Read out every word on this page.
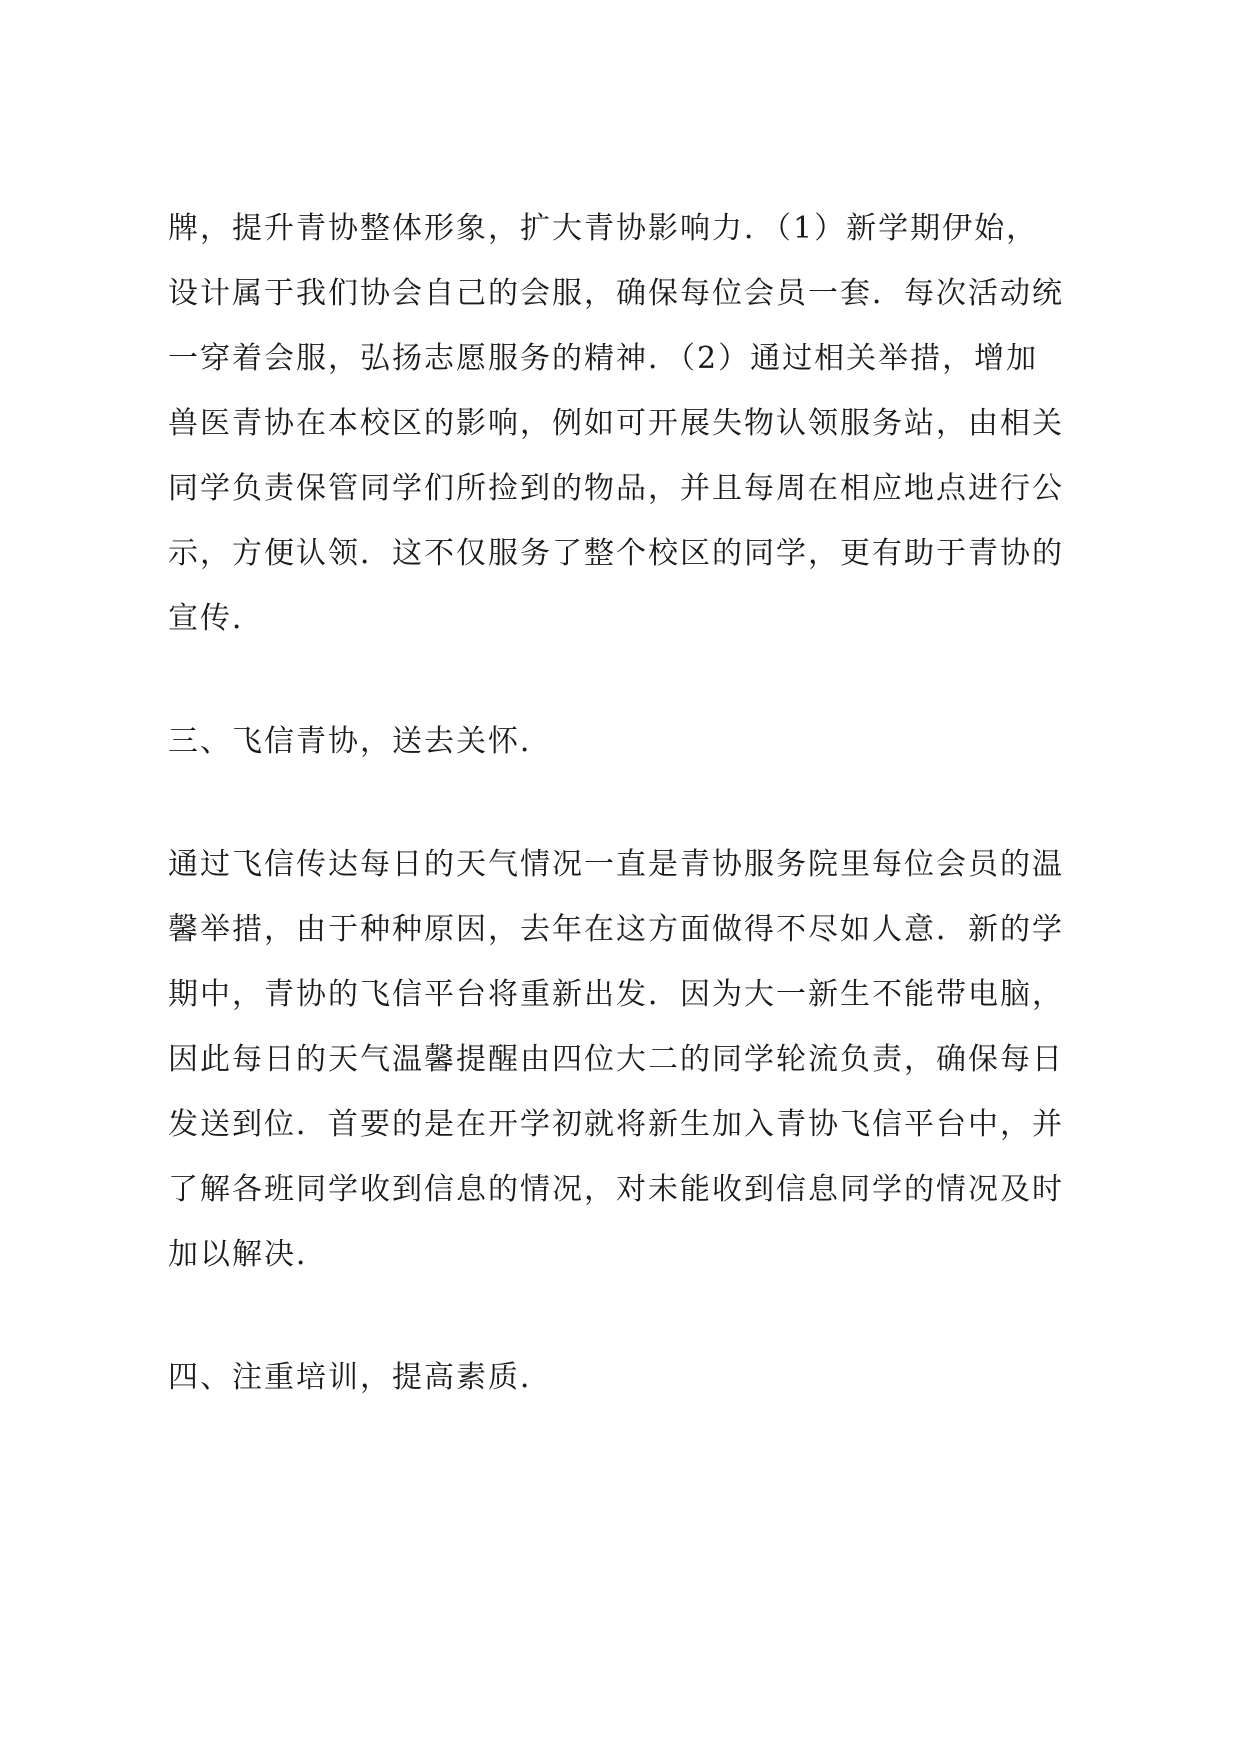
牌，提升青协整体形象，扩大青协影响力．（1）新学期伊始，
设计属于我们协会自己的会服，确保每位会员一套．每次活动统
一穿着会服，弘扬志愿服务的精神．（2）通过相关举措，增加
兽医青协在本校区的影响，例如可开展失物认领服务站，由相关
同学负责保管同学们所捡到的物品，并且每周在相应地点进行公
示，方便认领．这不仅服务了整个校区的同学，更有助于青协的
宣传．
三、飞信青协，送去关怀．
通过飞信传达每日的天气情况一直是青协服务院里每位会员的温
馨举措，由于种种原因，去年在这方面做得不尽如人意．新的学
期中，青协的飞信平台将重新出发．因为大一新生不能带电脑，
因此每日的天气温馨提醒由四位大二的同学轮流负责，确保每日
发送到位．首要的是在开学初就将新生加入青协飞信平台中，并
了解各班同学收到信息的情况，对未能收到信息同学的情况及时
加以解决．
四、注重培训，提高素质．
